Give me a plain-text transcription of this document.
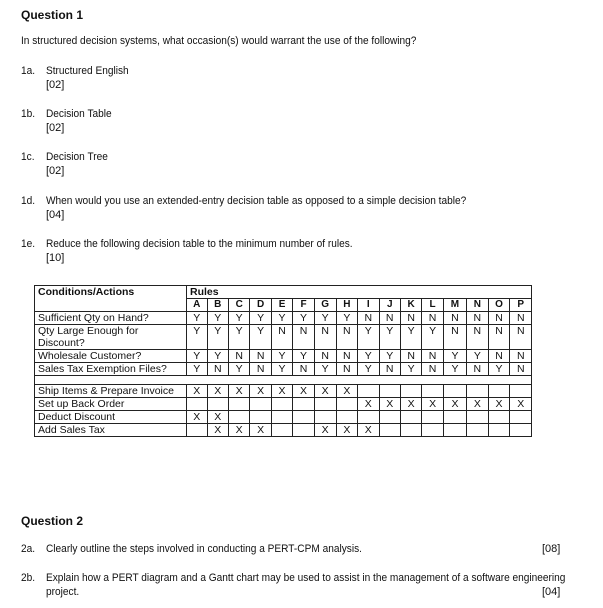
Question 1
In structured decision systems, what occasion(s) would warrant the use of the following?
1a. Structured English
[02]
1b. Decision Table
[02]
1c. Decision Tree
[02]
1d. When would you use an extended-entry decision table as opposed to a simple decision table?
[04]
1e. Reduce the following decision table to the minimum number of rules.
[10]
Conditions/Actions	Rules															
	A	B	C	D	E	F	G	H	I	J	K	L	M	N	O	P
Sufficient Qty on Hand?	Y	Y	Y	Y	Y	Y	Y	Y	N	N	N	N	N	N	N	N
Qty Large Enough for Discount?	Y	Y	Y	Y	N	N	N	N	Y	Y	Y	Y	N	N	N	N
Wholesale Customer?	Y	Y	N	N	Y	Y	N	N	Y	Y	N	N	Y	Y	N	N
Sales Tax Exemption Files?	Y	N	Y	N	Y	N	Y	N	Y	N	Y	N	Y	N	Y	N

Ship Items & Prepare Invoice	X	X	X	X	X	X	X	X								
Set up Back Order									X	X	X	X	X	X	X	X
Deduct Discount	X	X														
Add Sales Tax		X	X	X			X	X	X							
Question 2
2a. Clearly outline the steps involved in conducting a PERT-CPM analysis.	[08]
2b. Explain how a PERT diagram and a Gantt chart may be used to assist in the management of a software engineering
project.	[04]
